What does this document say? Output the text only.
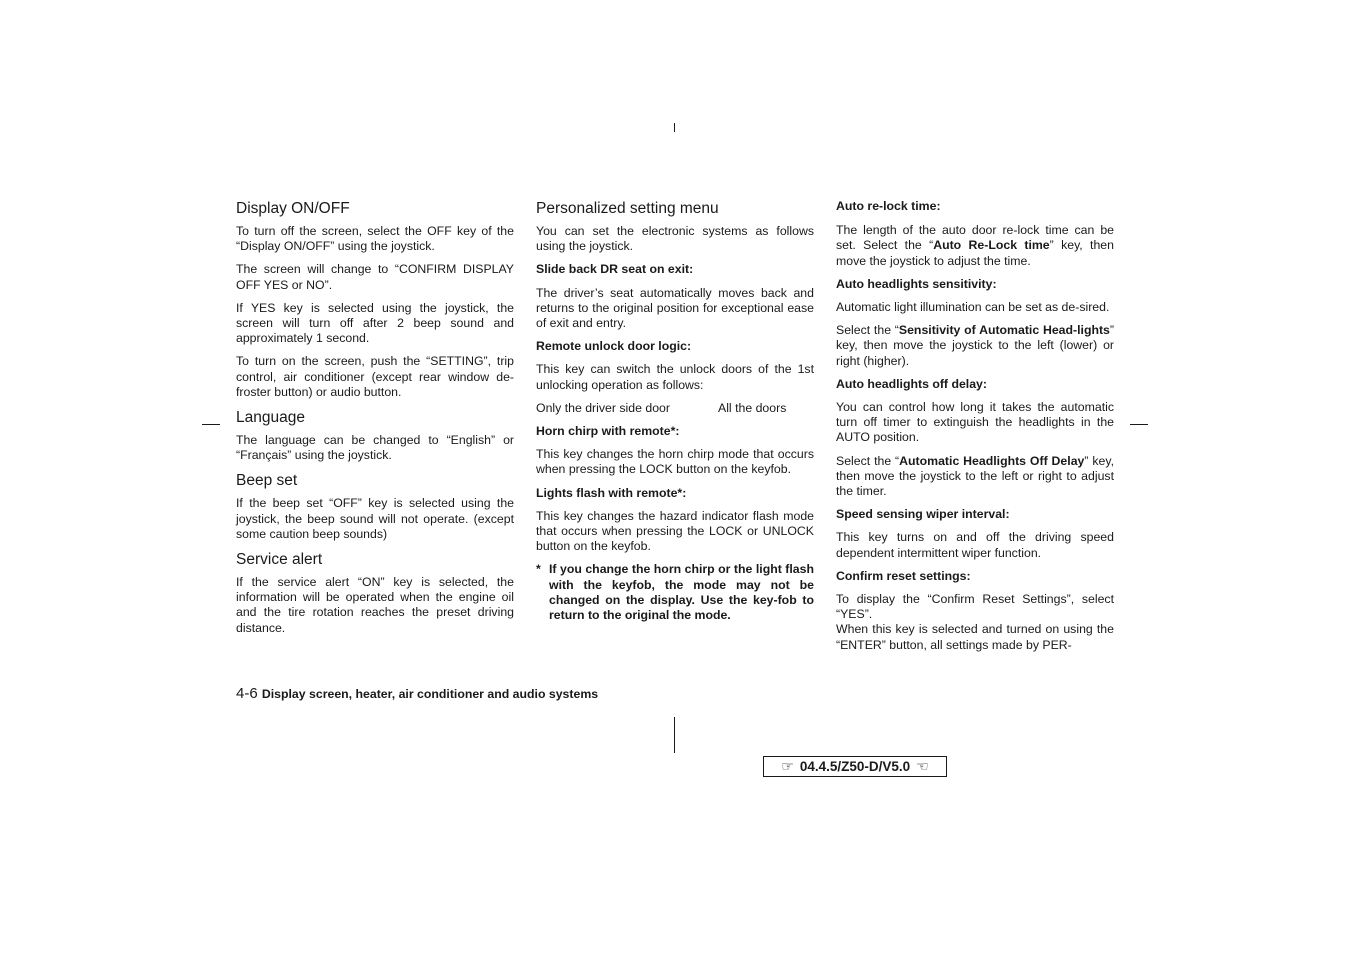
Display ON/OFF

To turn off the screen, select the OFF key of the “Display ON/OFF” using the joystick.

The screen will change to “CONFIRM DISPLAY OFF YES or NO”.

If YES key is selected using the joystick, the screen will turn off after 2 beep sound and approximately 1 second.

To turn on the screen, push the “SETTING”, trip control, air conditioner (except rear window de-froster button) or audio button.

Language

The language can be changed to “English” or “Français” using the joystick.

Beep set

If the beep set “OFF” key is selected using the joystick, the beep sound will not operate. (except some caution beep sounds)

Service alert

If the service alert “ON” key is selected, the information will be operated when the engine oil and the tire rotation reaches the preset driving distance.

Personalized setting menu

You can set the electronic systems as follows using the joystick.

Slide back DR seat on exit:

The driver’s seat automatically moves back and returns to the original position for exceptional ease of exit and entry.

Remote unlock door logic:

This key can switch the unlock doors of the 1st unlocking operation as follows:

Only the driver side door	All the doors
Horn chirp with remote*:

This key changes the horn chirp mode that occurs when pressing the LOCK button on the keyfob.

Lights flash with remote*:

This key changes the hazard indicator flash mode that occurs when pressing the LOCK or UNLOCK button on the keyfob.

* If you change the horn chirp or the light flash with the keyfob, the mode may not be changed on the display. Use the key-fob to return to the original the mode.
Auto re-lock time:

The length of the auto door re-lock time can be set. Select the “Auto Re-Lock time” key, then move the joystick to adjust the time.

Auto headlights sensitivity:

Automatic light illumination can be set as de-sired.

Select the “Sensitivity of Automatic Head-lights” key, then move the joystick to the left (lower) or right (higher).

Auto headlights off delay:

You can control how long it takes the automatic turn off timer to extinguish the headlights in the AUTO position.

Select the “Automatic Headlights Off Delay” key, then move the joystick to the left or right to adjust the timer.

Speed sensing wiper interval:

This key turns on and off the driving speed dependent intermittent wiper function.

Confirm reset settings:

To display the “Confirm Reset Settings”, select “YES”.

When this key is selected and turned on using the “ENTER” button, all settings made by PER-

4-6 Display screen, heater, air conditioner and audio systems
☞ 04.4.5/Z50-D/V5.0 ☜
